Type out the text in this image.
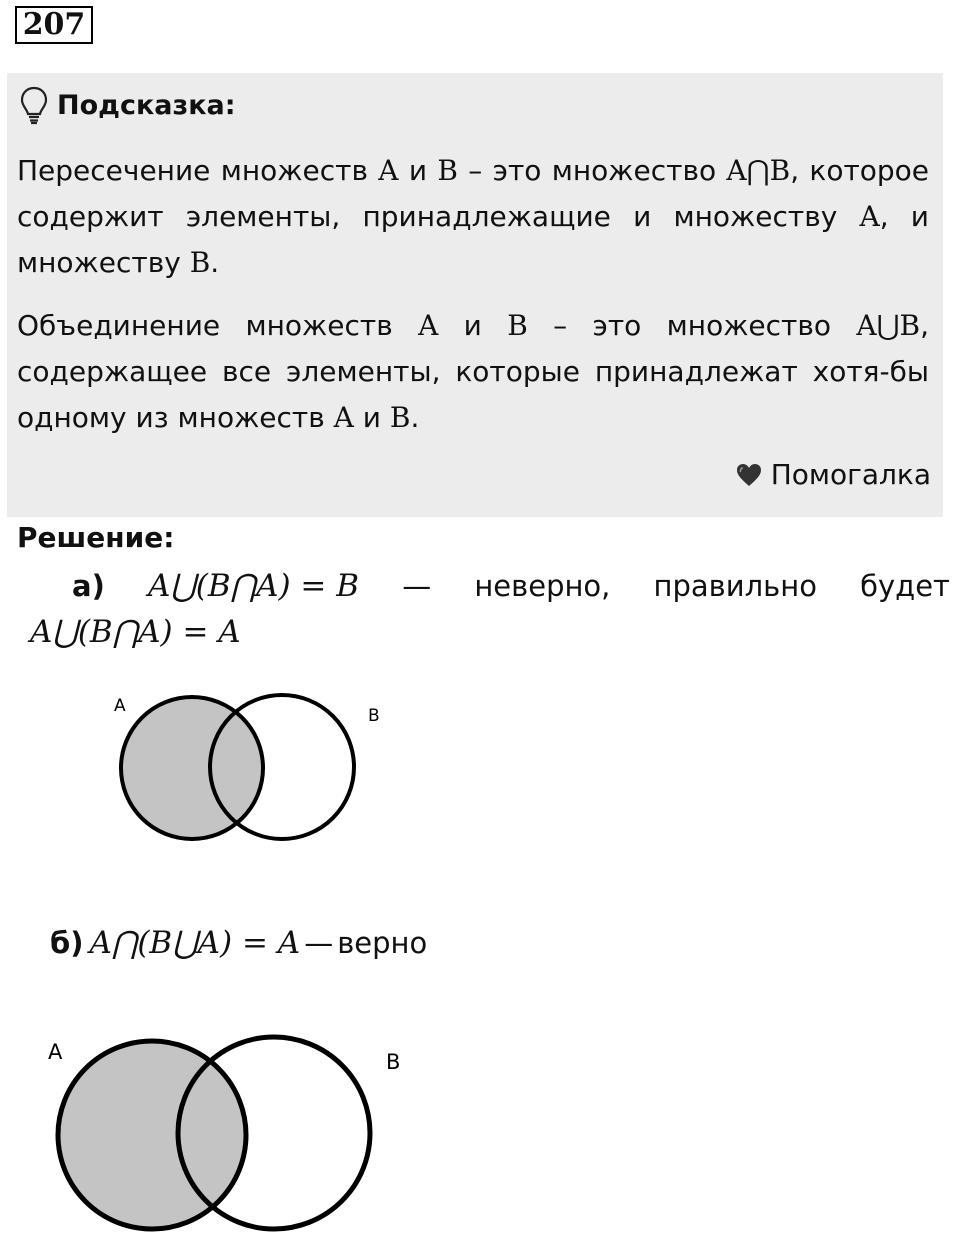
207
Подсказка:
Пересечение множеств A и B – это множество A⋂B, которое содержит элементы, принадлежащие и множеству A, и множеству B.
Объединение множеств A и B – это множество A⋃B, содержащее все элементы, которые принадлежат хотя-бы одному из множеств A и B.
Помогалка
Решение:
а) A⋃(B⋂A) = B — неверно, правильно будет
A⋃(B⋂A) = A
A	B
б) A⋂(B⋃A) = A — верно
A	B
